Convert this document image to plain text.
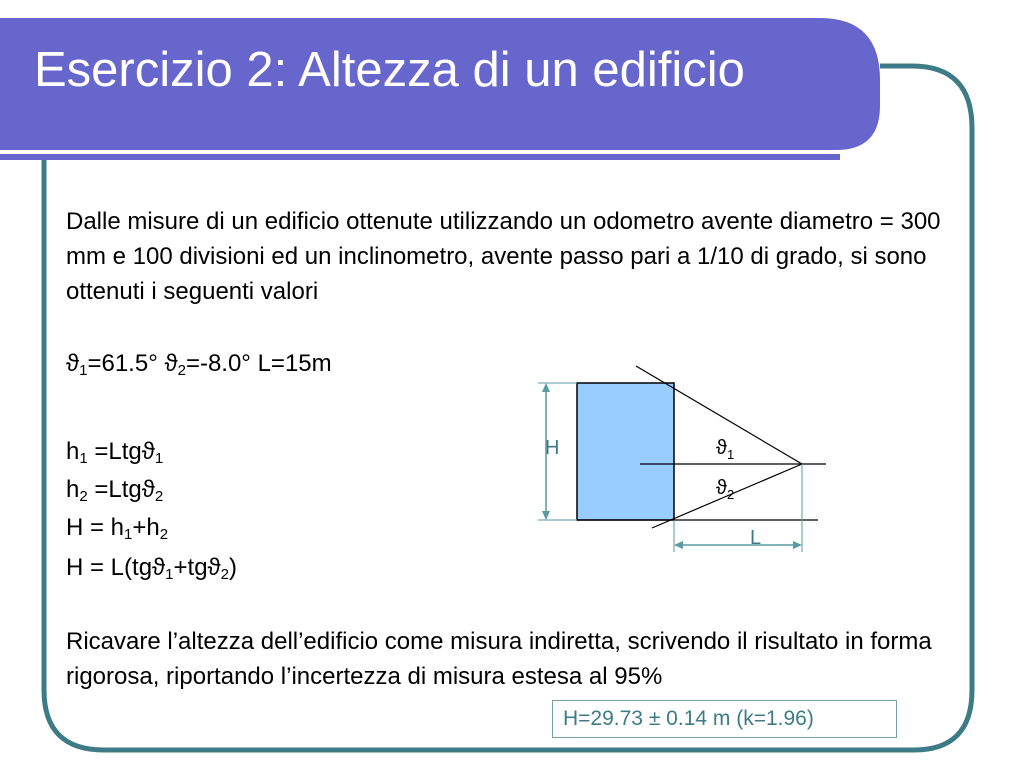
Esercizio 2: Altezza di un edificio
Dalle misure di un edificio ottenute utilizzando un odometro avente diametro = 300 mm e 100 divisioni ed un inclinometro, avente passo pari a 1/10 di grado, si sono ottenuti i seguenti valori
$ϑ_1=61.5^\circ$ $ϑ_2=-8.0^\circ$ L=15m
$h_1 =Ltgϑ_1$
$h_2 =Ltgϑ_2$
$H = h_1+h_2$
H = L(tgϑ$_1$+tgϑ$_2$)
Ricavare l’altezza dell’edificio come misura indiretta, scrivendo il risultato in forma rigorosa, riportando l’incertezza di misura estesa al 95%
H=29.73 ± 0.14 m (k=1.96)
H	$ϑ_1$
$ϑ_2$
L
